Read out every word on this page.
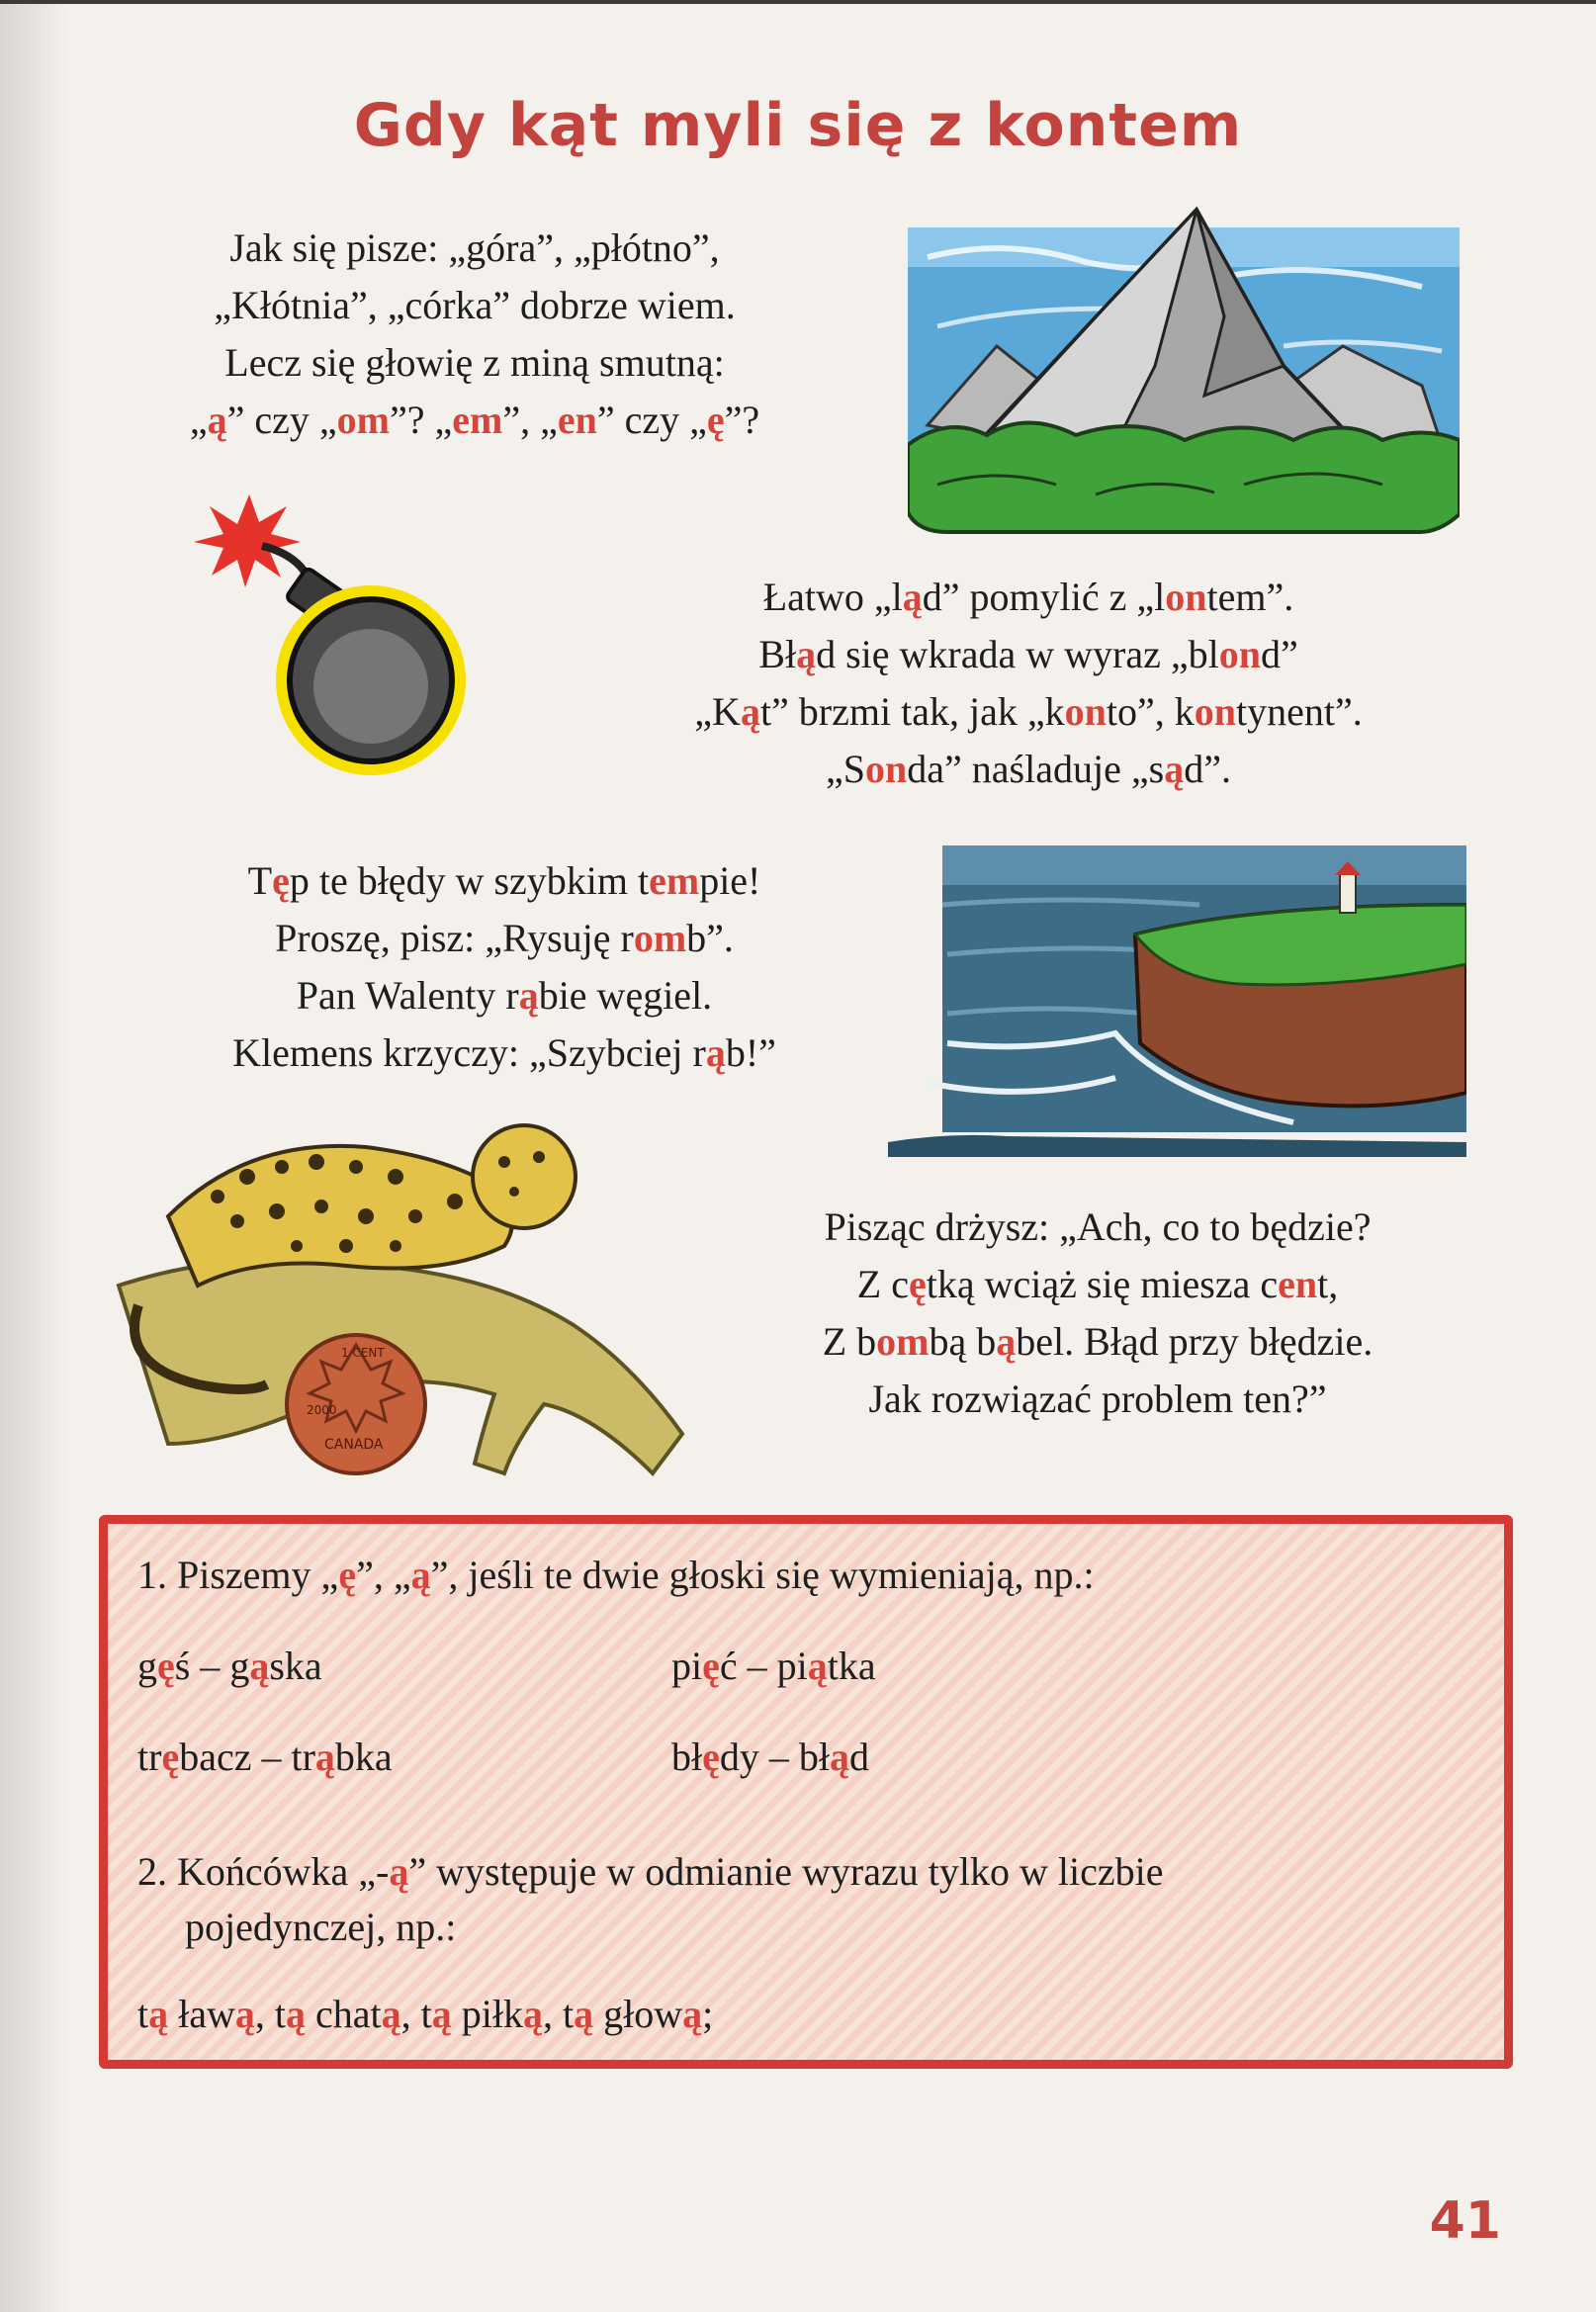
Gdy kąt myli się z kontem
1 CENT
2000
CANADA
Jak się pisze: „góra”, „płótno”,
„Kłótnia”, „córka” dobrze wiem.
Lecz się głowię z miną smutną:
„ą” czy „om”? „em”, „en” czy „ę”?
Łatwo „ląd” pomylić z „lontem”.
Błąd się wkrada w wyraz „blond”
„Kąt” brzmi tak, jak „konto”, kontynent”.
„Sonda” naśladuje „sąd”.
Tęp te błędy w szybkim tempie!
Proszę, pisz: „Rysuję romb”.
Pan Walenty rąbie węgiel.
Klemens krzyczy: „Szybciej rąb!”
Pisząc drżysz: „Ach, co to będzie?
Z cętką wciąż się miesza cent,
Z bombą bąbel. Błąd przy błędzie.
Jak rozwiązać problem ten?”
1. Piszemy „ę”, „ą”, jeśli te dwie głoski się wymieniają, np.:
gęś – gąska	pięć – piątka
trębacz – trąbka	błędy – błąd
2. Końcówka „-ą” występuje w odmianie wyrazu tylko w liczbie
pojedynczej, np.:
tą ławą, tą chatą, tą piłką, tą głową;
41
